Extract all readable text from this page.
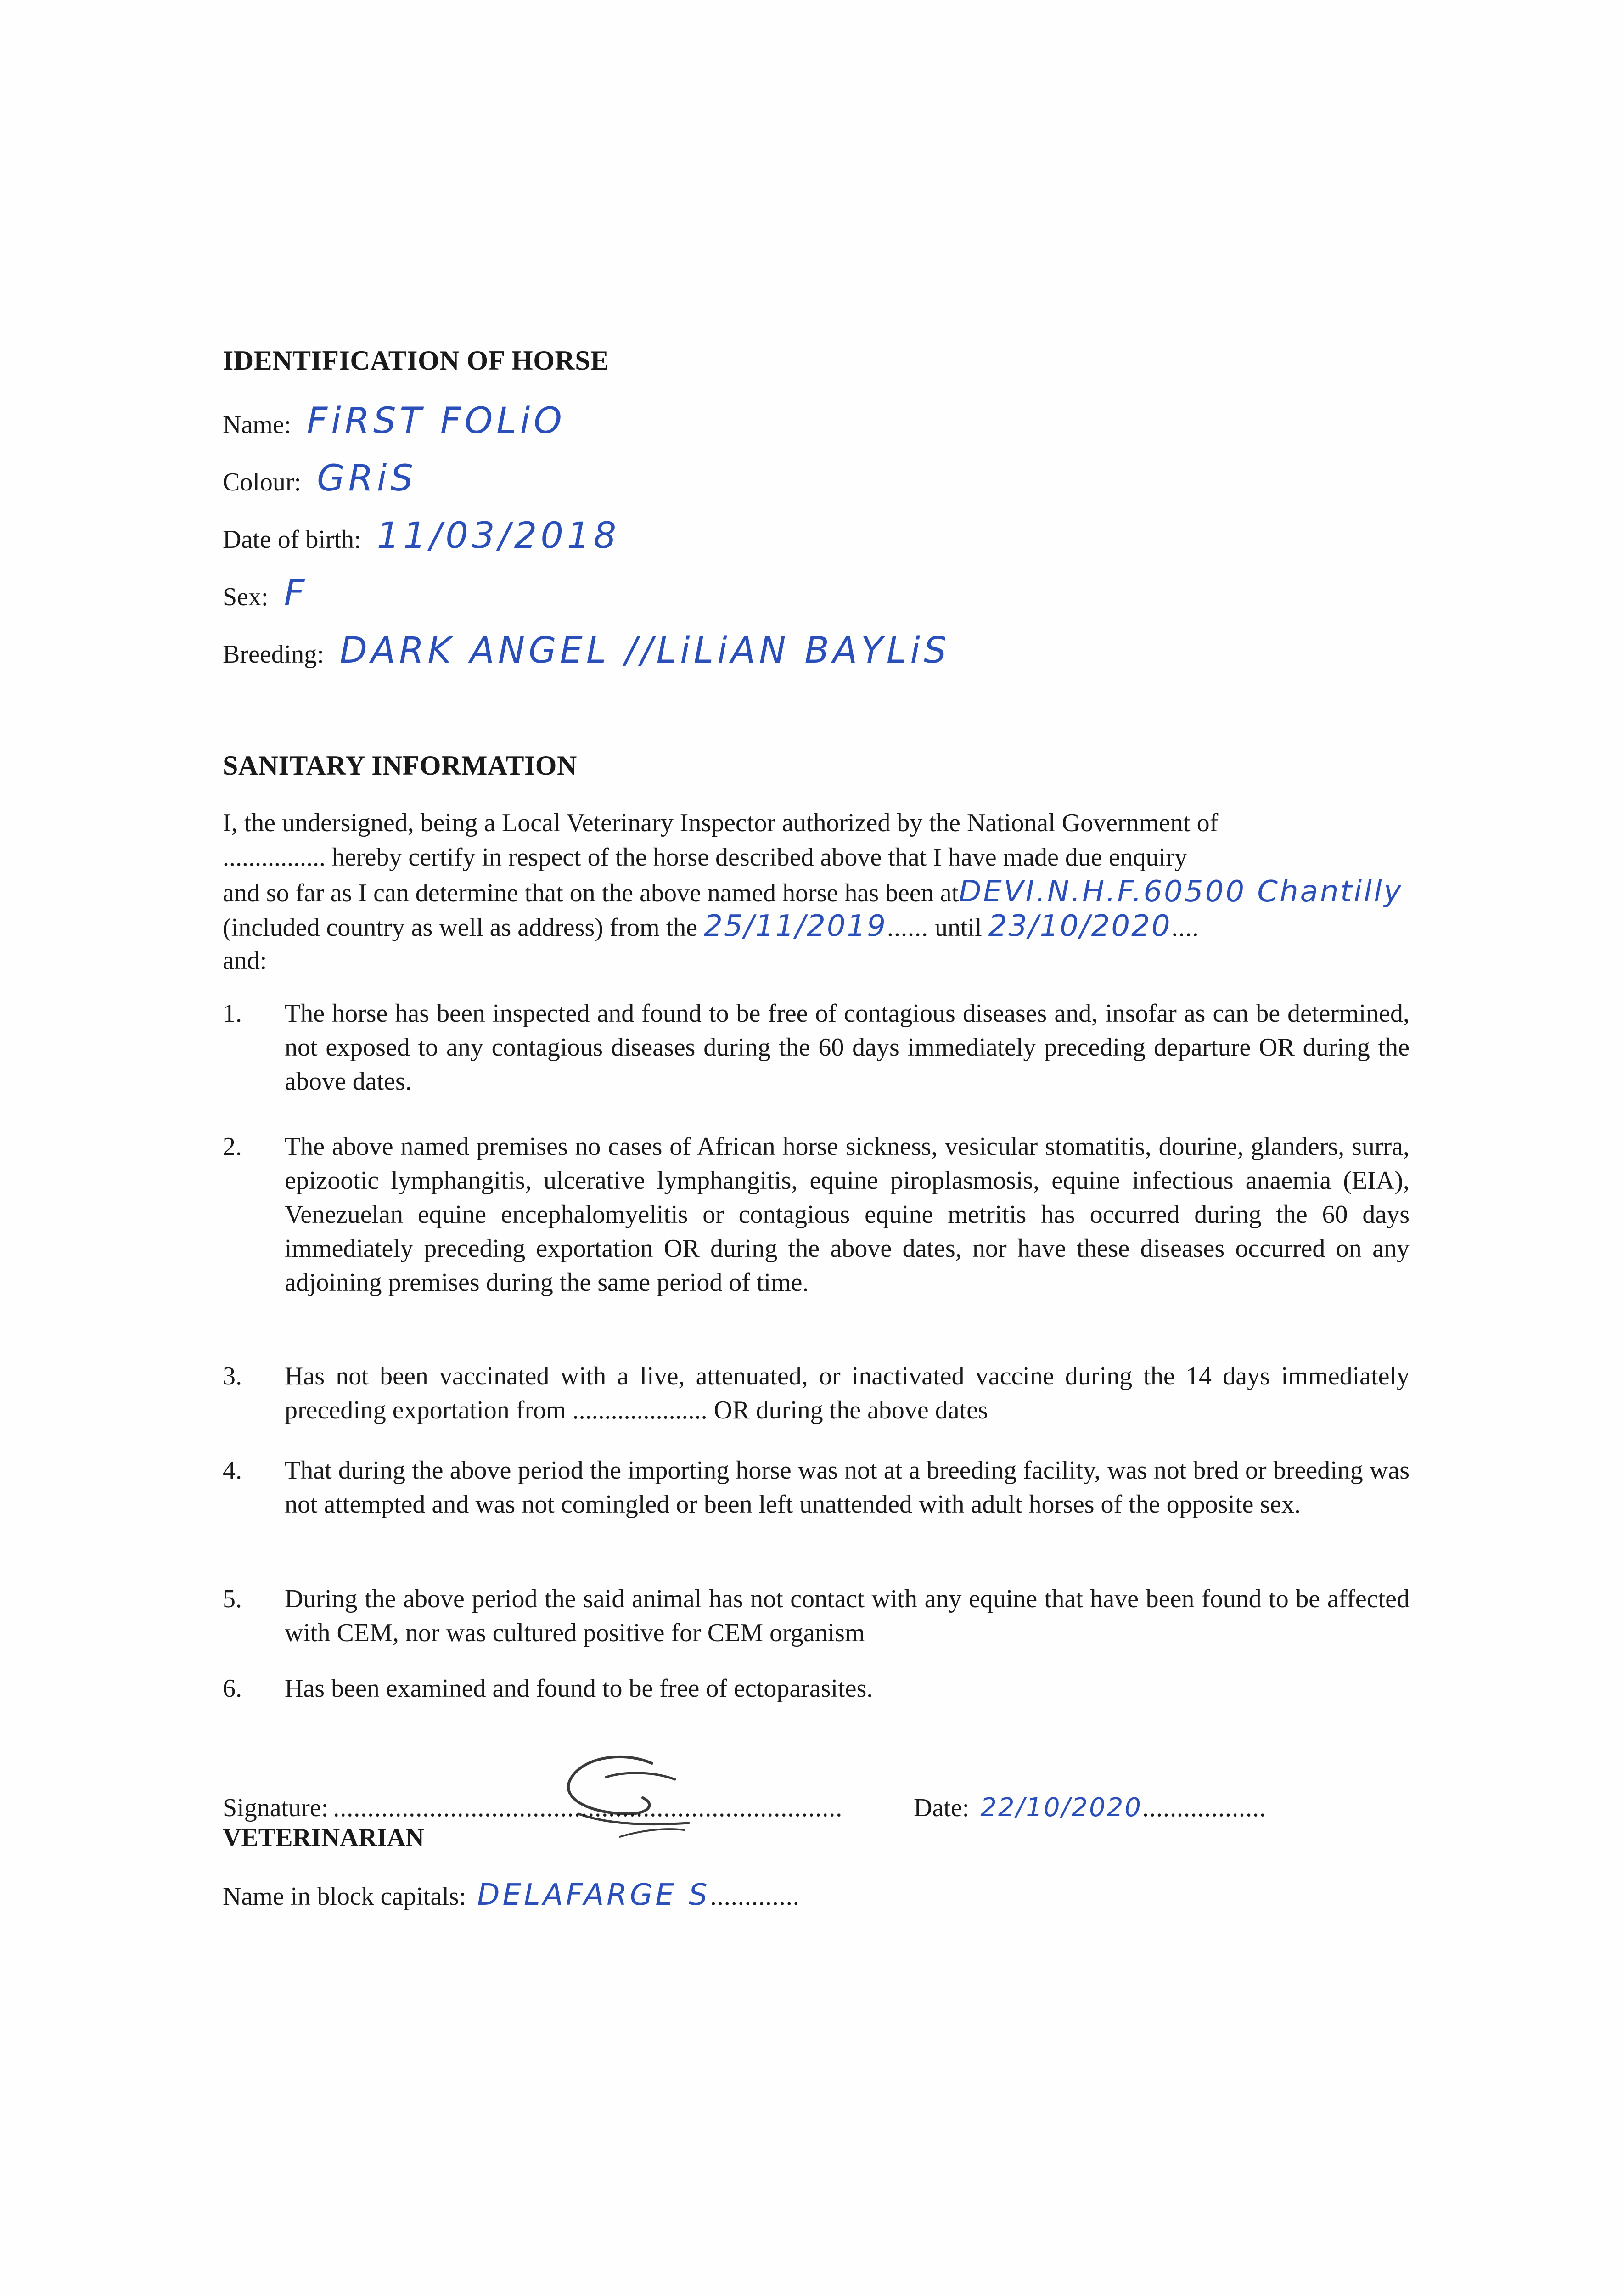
IDENTIFICATION OF HORSE
Name: FiRST FOLiO
Colour: GRiS
Date of birth: 11/03/2018
Sex: F
Breeding: DARK ANGEL //LiLiAN BAYLiS
SANITARY INFORMATION
I, the undersigned, being a Local Veterinary Inspector authorized by the National Government of
................ hereby certify in respect of the horse described above that I have made due enquiry
and so far as I can determine that on the above named horse has been atDEVI.N.H.F.60500 Chantilly
(included country as well as address) from the 25/11/2019...... until 23/10/2020....
and:
1. The horse has been inspected and found to be free of contagious diseases and, insofar as can be determined, not exposed to any contagious diseases during the 60 days immediately preceding departure OR during the above dates.
2. The above named premises no cases of African horse sickness, vesicular stomatitis, dourine, glanders, surra, epizootic lymphangitis, ulcerative lymphangitis, equine piroplasmosis, equine infectious anaemia (EIA), Venezuelan equine encephalomyelitis or contagious equine metritis has occurred during the 60 days immediately preceding exportation OR during the above dates, nor have these diseases occurred on any adjoining premises during the same period of time.
3. Has not been vaccinated with a live, attenuated, or inactivated vaccine during the 14 days immediately preceding exportation from ..................... OR during the above dates
4. That during the above period the importing horse was not at a breeding facility, was not bred or breeding was not attempted and was not comingled or been left unattended with adult horses of the opposite sex.
5. During the above period the said animal has not contact with any equine that have been found to be affected with CEM, nor was cultured positive for CEM organism
6. Has been examined and found to be free of ectoparasites.
Signature: ..........................................................................
VETERINARIAN
Date: 22/10/2020..................
Name in block capitals: DELAFARGE S.............
